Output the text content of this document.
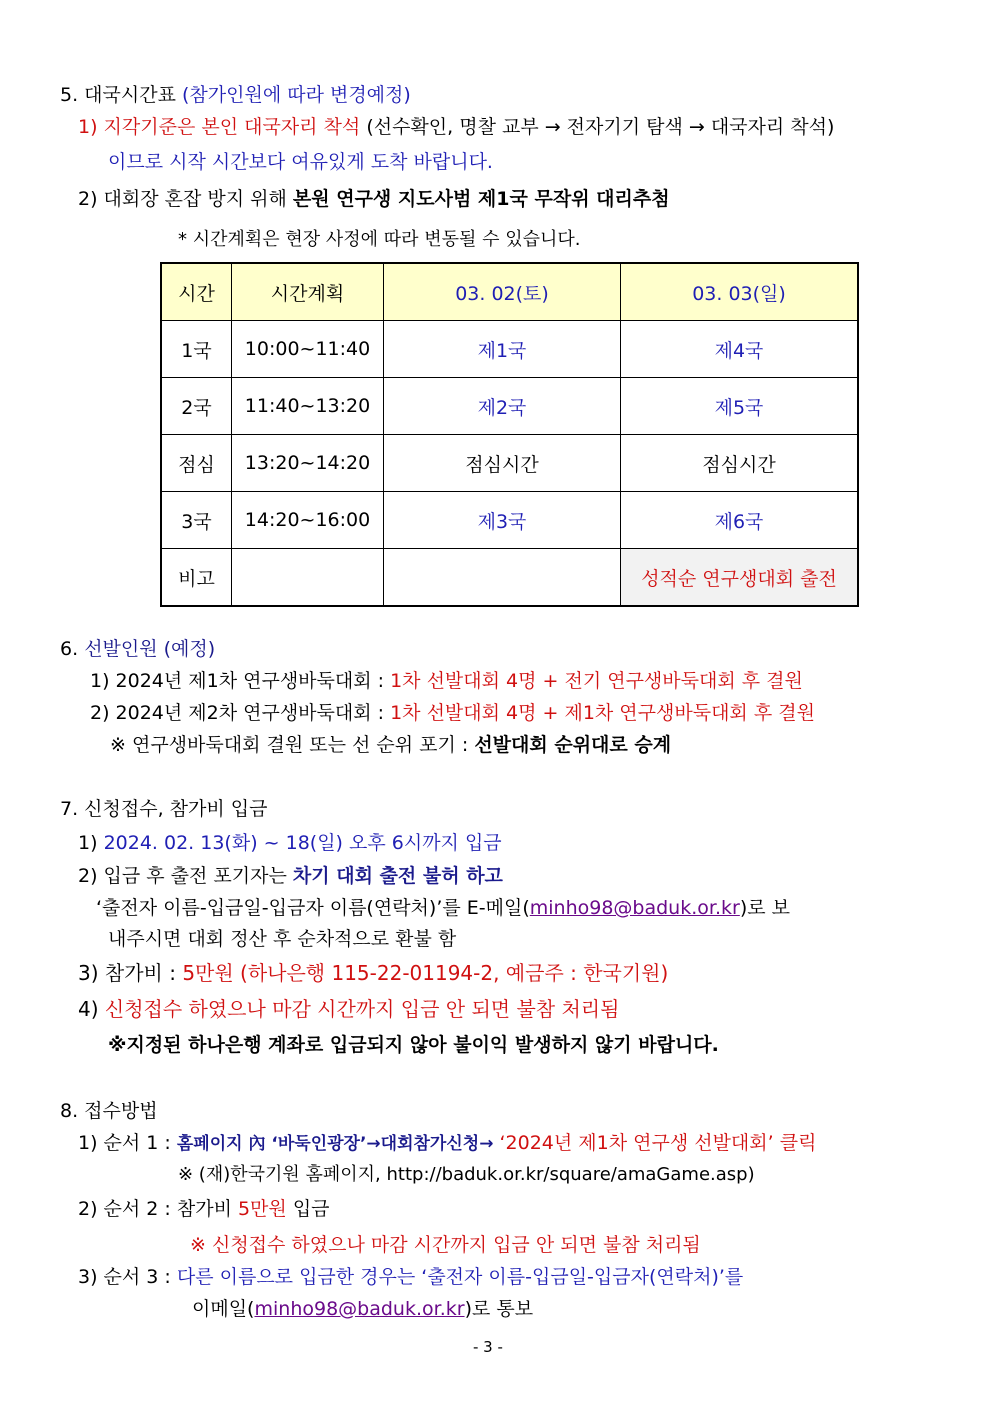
5. 대국시간표 (참가인원에 따라 변경예정)
1) 지각기준은 본인 대국자리 착석 (선수확인, 명찰 교부 → 전자기기 탐색 → 대국자리 착석)
이므로 시작 시간보다 여유있게 도착 바랍니다.
2) 대회장 혼잡 방지 위해 본원 연구생 지도사범 제1국 무작위 대리추첨
* 시간계획은 현장 사정에 따라 변동될 수 있습니다.
시간	시간계획	03. 02(토)	03. 03(일)
1국	10:00~11:40	제1국	제4국
2국	11:40~13:20	제2국	제5국
점심	13:20~14:20	점심시간	점심시간
3국	14:20~16:00	제3국	제6국
비고			성적순 연구생대회 출전
6. 선발인원 (예정)
1) 2024년 제1차 연구생바둑대회 : 1차 선발대회 4명 + 전기 연구생바둑대회 후 결원
2) 2024년 제2차 연구생바둑대회 : 1차 선발대회 4명 + 제1차 연구생바둑대회 후 결원
※ 연구생바둑대회 결원 또는 선 순위 포기 : 선발대회 순위대로 승계
7. 신청접수, 참가비 입금
1) 2024. 02. 13(화) ~ 18(일) 오후 6시까지 입금
2) 입금 후 출전 포기자는 차기 대회 출전 불허 하고
‘출전자 이름-입금일-입금자 이름(연락처)’를 E-메일(minho98@baduk.or.kr)로 보
내주시면 대회 정산 후 순차적으로 환불 함
3) 참가비 : 5만원 (하나은행 115-22-01194-2, 예금주 : 한국기원)
4) 신청접수 하였으나 마감 시간까지 입금 안 되면 불참 처리됨
※지정된 하나은행 계좌로 입금되지 않아 불이익 발생하지 않기 바랍니다.
8. 접수방법
1) 순서 1 : 홈페이지 內 ‘바둑인광장’→대회참가신청→ ‘2024년 제1차 연구생 선발대회’ 클릭
※ (재)한국기원 홈페이지, http://baduk.or.kr/square/amaGame.asp)
2) 순서 2 : 참가비 5만원 입금
※ 신청접수 하였으나 마감 시간까지 입금 안 되면 불참 처리됨
3) 순서 3 : 다른 이름으로 입금한 경우는 ‘출전자 이름-입금일-입금자(연락처)’를
이메일(minho98@baduk.or.kr)로 통보
- 3 -
